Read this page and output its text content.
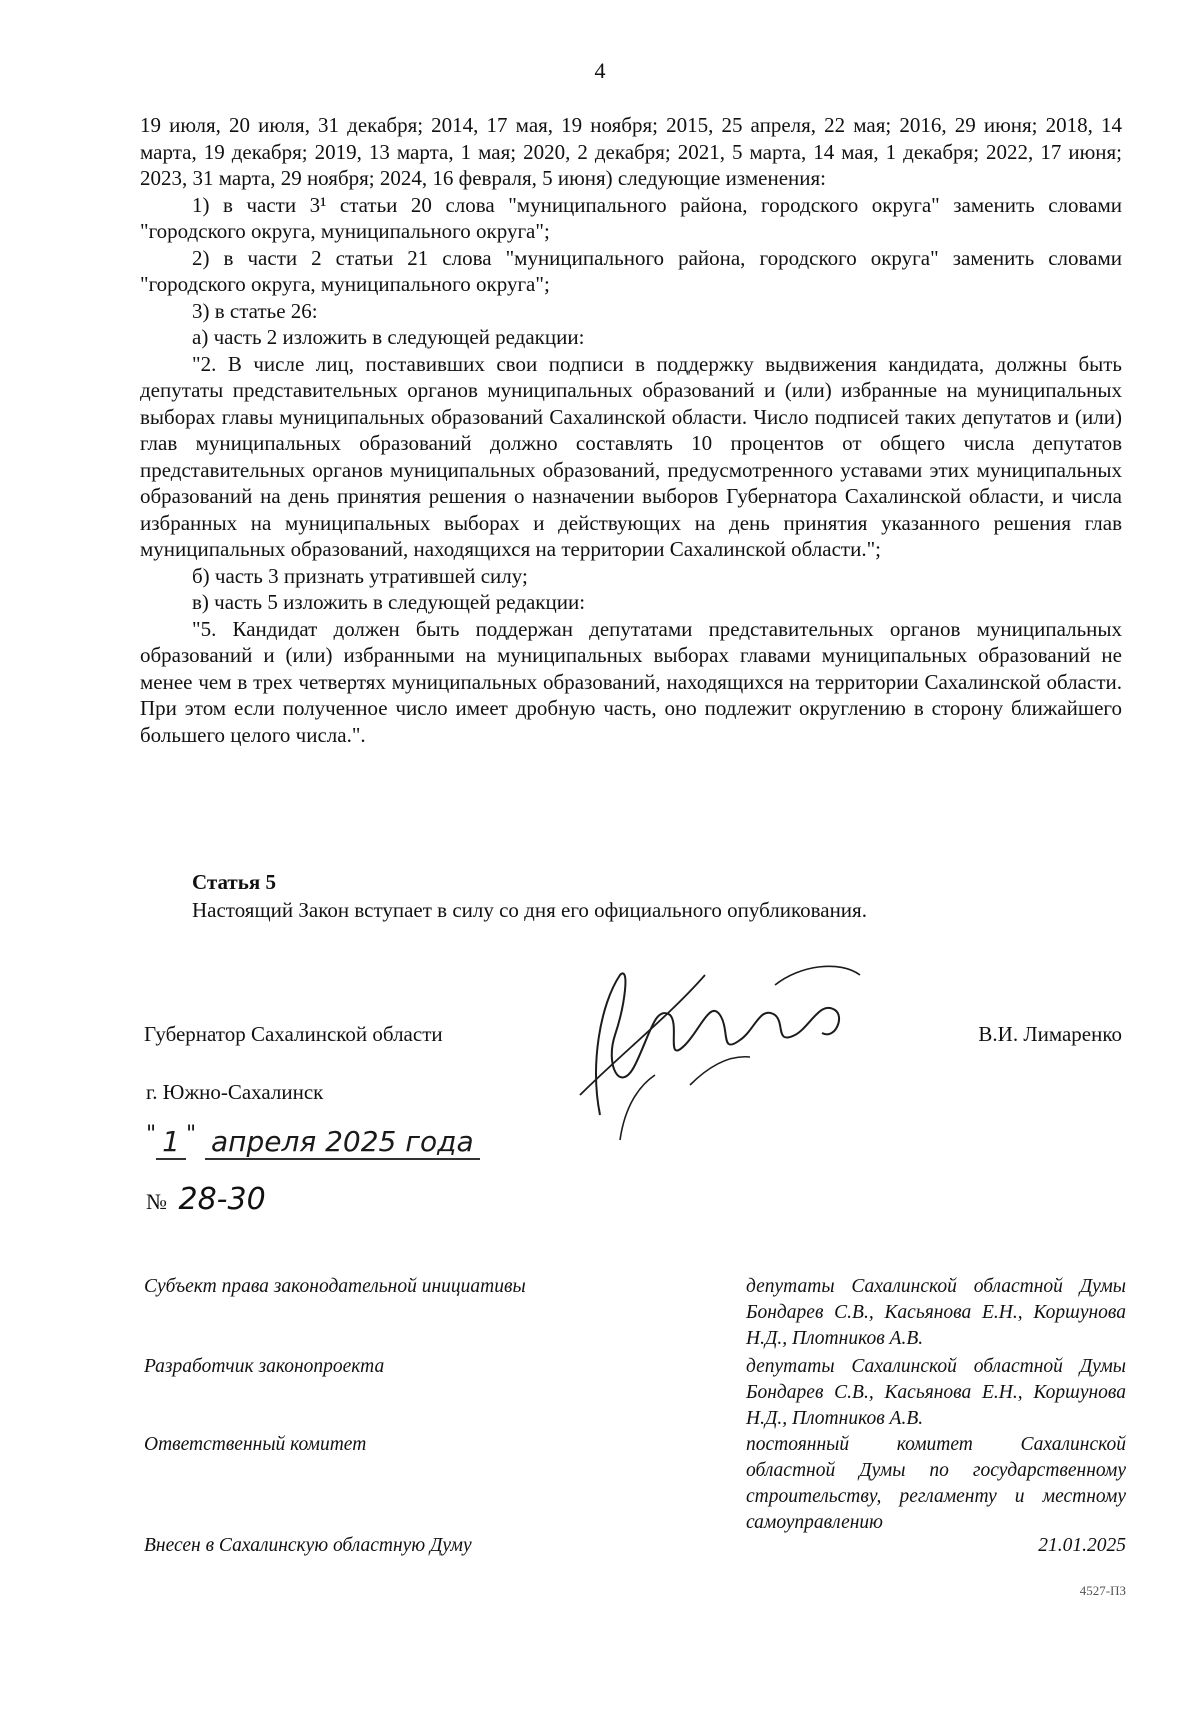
4

19 июля, 20 июля, 31 декабря; 2014, 17 мая, 19 ноября; 2015, 25 апреля, 22 мая; 2016, 29 июня; 2018, 14 марта, 19 декабря; 2019, 13 марта, 1 мая; 2020, 2 декабря; 2021, 5 марта, 14 мая, 1 декабря; 2022, 17 июня; 2023, 31 марта, 29 ноября; 2024, 16 февраля, 5 июня) следующие изменения:

1) в части 3¹ статьи 20 слова "муниципального района, городского округа" заменить словами "городского округа, муниципального округа";

2) в части 2 статьи 21 слова "муниципального района, городского округа" заменить словами "городского округа, муниципального округа";

3) в статье 26:

а) часть 2 изложить в следующей редакции:

"2. В числе лиц, поставивших свои подписи в поддержку выдвижения кандидата, должны быть депутаты представительных органов муниципальных образований и (или) избранные на муниципальных выборах главы муниципальных образований Сахалинской области. Число подписей таких депутатов и (или) глав муниципальных образований должно составлять 10 процентов от общего числа депутатов представительных органов муниципальных образований, предусмотренного уставами этих муниципальных образований на день принятия решения о назначении выборов Губернатора Сахалинской области, и числа избранных на муниципальных выборах и действующих на день принятия указанного решения глав муниципальных образований, находящихся на территории Сахалинской области.";

б) часть 3 признать утратившей силу;

в) часть 5 изложить в следующей редакции:

"5. Кандидат должен быть поддержан депутатами представительных органов муниципальных образований и (или) избранными на муниципальных выборах главами муниципальных образований не менее чем в трех четвертях муниципальных образований, находящихся на территории Сахалинской области. При этом если полученное число имеет дробную часть, оно подлежит округлению в сторону ближайшего большего целого числа.".

Статья 5
Настоящий Закон вступает в силу со дня его официального опубликования.
Губернатор Сахалинской области	В.И. Лимаренко
г. Южно-Сахалинск
" 1 " апреля 2025 года
№ 28-30
Субъект права законодательной инициативы	депутаты Сахалинской областной Думы Бондарев С.В., Касьянова Е.Н., Коршунова Н.Д., Плотников А.В.
Разработчик законопроекта	депутаты Сахалинской областной Думы Бондарев С.В., Касьянова Е.Н., Коршунова Н.Д., Плотников А.В.
Ответственный комитет	постоянный комитет Сахалинской областной Думы по государственному строительству, регламенту и местному самоуправлению
Внесен в Сахалинскую областную Думу	21.01.2025
4527-ПЗ
